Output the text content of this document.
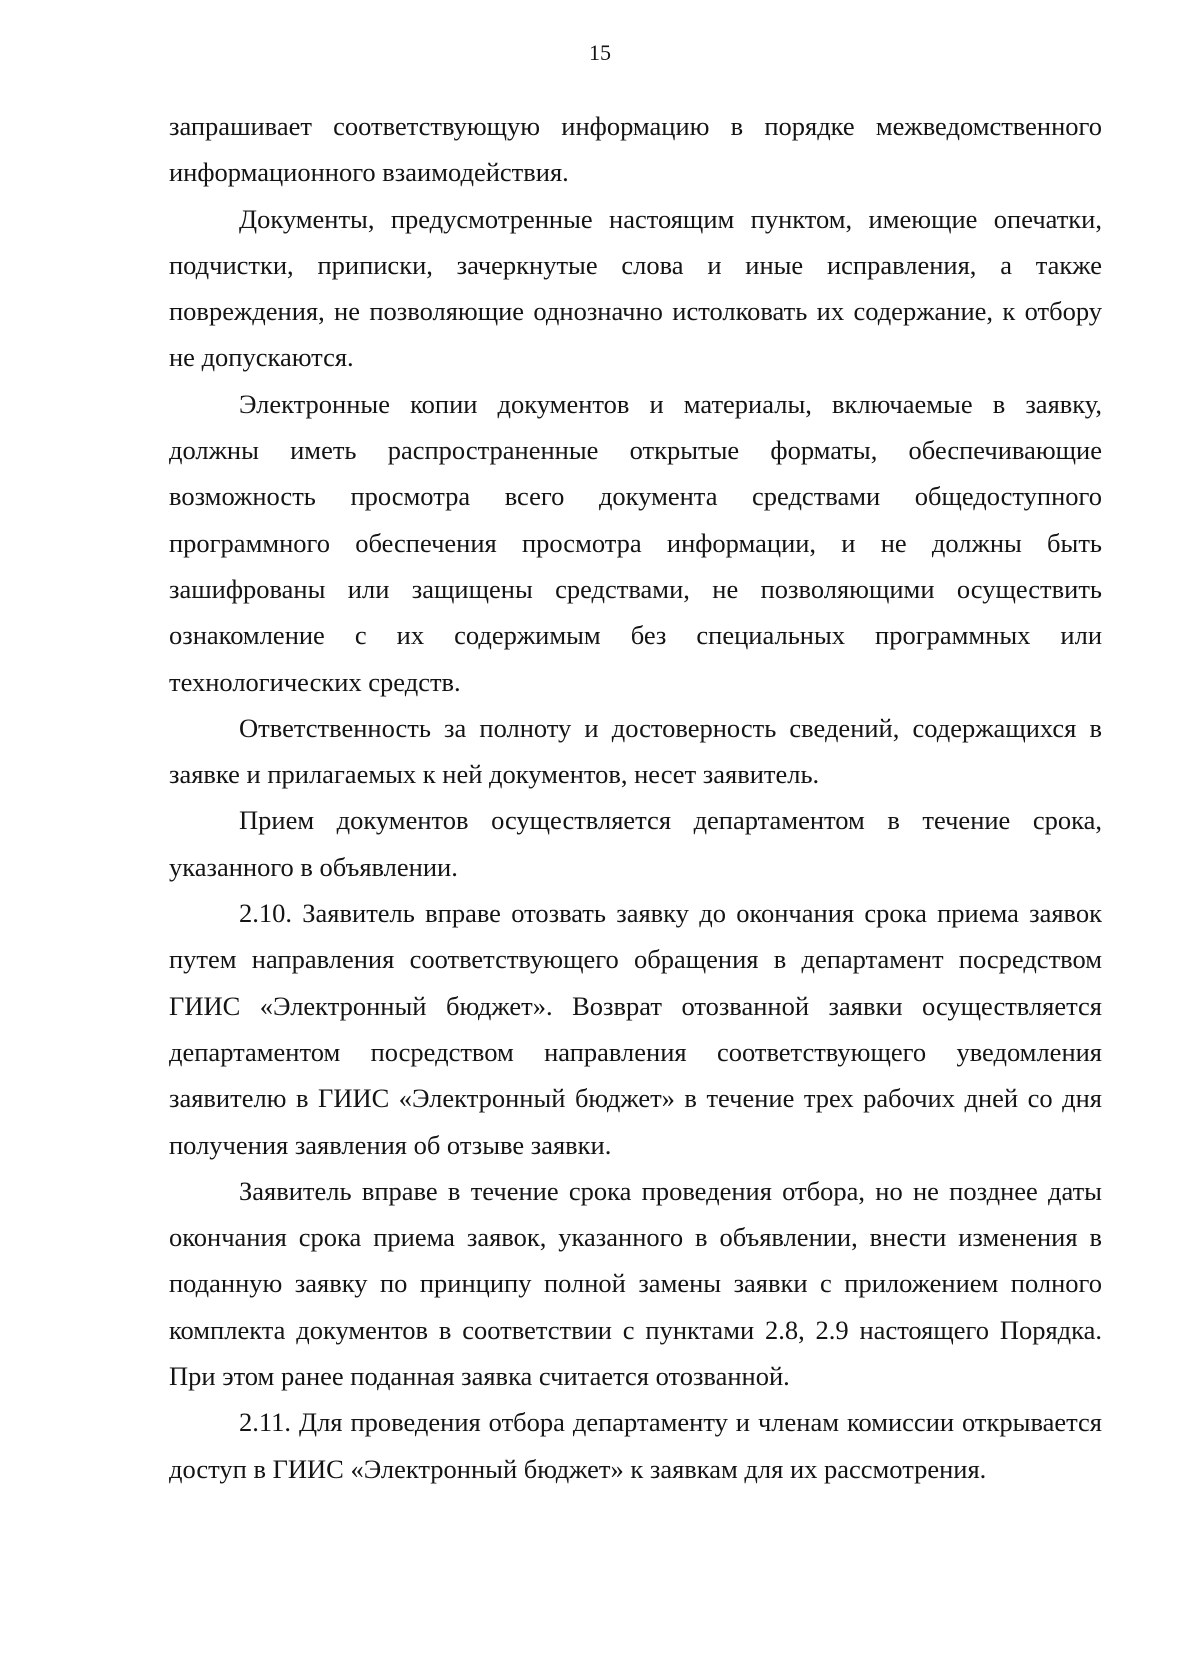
15

запрашивает соответствующую информацию в порядке межведомственного информационного взаимодействия.

Документы, предусмотренные настоящим пунктом, имеющие опечатки, подчистки, приписки, зачеркнутые слова и иные исправления, а также повреждения, не позволяющие однозначно истолковать их содержание, к отбору не допускаются.

Электронные копии документов и материалы, включаемые в заявку, должны иметь распространенные открытые форматы, обеспечивающие возможность просмотра всего документа средствами общедоступного программного обеспечения просмотра информации, и не должны быть зашифрованы или защищены средствами, не позволяющими осуществить ознакомление с их содержимым без специальных программных или технологических средств.

Ответственность за полноту и достоверность сведений, содержащихся в заявке и прилагаемых к ней документов, несет заявитель.

Прием документов осуществляется департаментом в течение срока, указанного в объявлении.

2.10. Заявитель вправе отозвать заявку до окончания срока приема заявок путем направления соответствующего обращения в департамент посредством ГИИС «Электронный бюджет». Возврат отозванной заявки осуществляется департаментом посредством направления соответствующего уведомления заявителю в ГИИС «Электронный бюджет» в течение трех рабочих дней со дня получения заявления об отзыве заявки.

Заявитель вправе в течение срока проведения отбора, но не позднее даты окончания срока приема заявок, указанного в объявлении, внести изменения в поданную заявку по принципу полной замены заявки с приложением полного комплекта документов в соответствии с пунктами 2.8, 2.9 настоящего Порядка. При этом ранее поданная заявка считается отозванной.

2.11. Для проведения отбора департаменту и членам комиссии открывается доступ в ГИИС «Электронный бюджет» к заявкам для их рассмотрения.
